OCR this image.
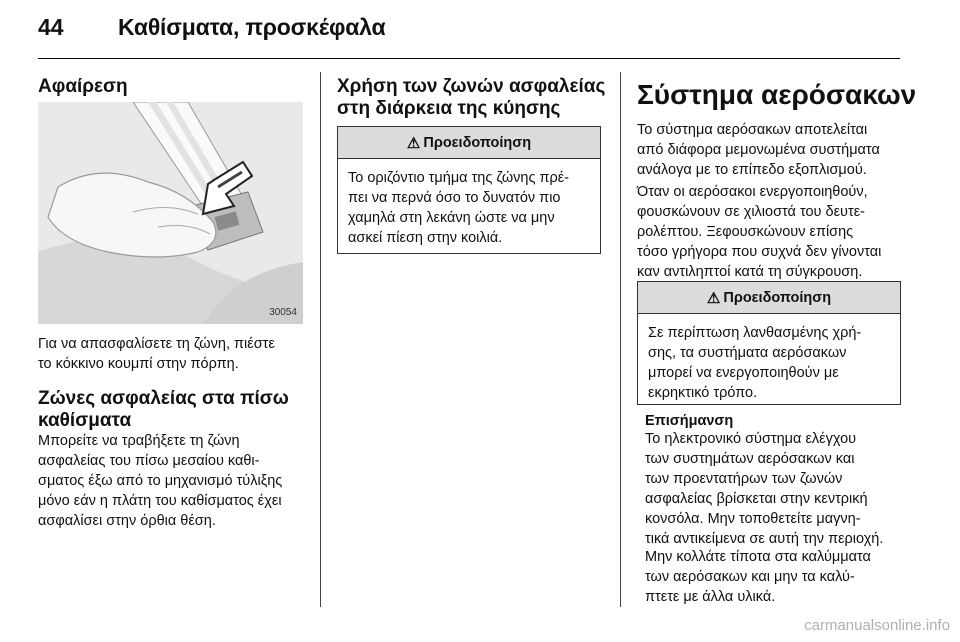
44 Καθίσματα, προσκέφαλα
Αφαίρεση
30054
Για να απασφαλίσετε τη ζώνη, πιέστε
το κόκκινο κουμπί στην πόρπη.
Ζώνες ασφαλείας στα πίσω
καθίσματα
Μπορείτε να τραβήξετε τη ζώνη
ασφαλείας του πίσω μεσαίου καθι-
σματος έξω από το μηχανισμό τύλιξης
μόνο εάν η πλάτη του καθίσματος έχει
ασφαλίσει στην όρθια θέση.
Χρήση των ζωνών ασφαλείας
στη διάρκεια της κύησης
⚠ Προειδοποίηση
Το οριζόντιο τμήμα της ζώνης πρέ-
πει να περνά όσο το δυνατόν πιο
χαμηλά στη λεκάνη ώστε να μην
ασκεί πίεση στην κοιλιά.
Σύστημα αερόσακων
Το σύστημα αερόσακων αποτελείται
από διάφορα μεμονωμένα συστήματα
ανάλογα με το επίπεδο εξοπλισμού.
Όταν οι αερόσακοι ενεργοποιηθούν,
φουσκώνουν σε χιλιοστά του δευτε-
ρολέπτου. Ξεφουσκώνουν επίσης
τόσο γρήγορα που συχνά δεν γίνονται
καν αντιληπτοί κατά τη σύγκρουση.
⚠ Προειδοποίηση
Σε περίπτωση λανθασμένης χρή-
σης, τα συστήματα αερόσακων
μπορεί να ενεργοποιηθούν με
εκρηκτικό τρόπο.
Επισήμανση
Το ηλεκτρονικό σύστημα ελέγχου
των συστημάτων αερόσακων και
των προεντατήρων των ζωνών
ασφαλείας βρίσκεται στην κεντρική
κονσόλα. Μην τοποθετείτε μαγνη-
τικά αντικείμενα σε αυτή την περιοχή.
Μην κολλάτε τίποτα στα καλύμματα
των αερόσακων και μην τα καλύ-
πτετε με άλλα υλικά.
carmanualsonline.info
